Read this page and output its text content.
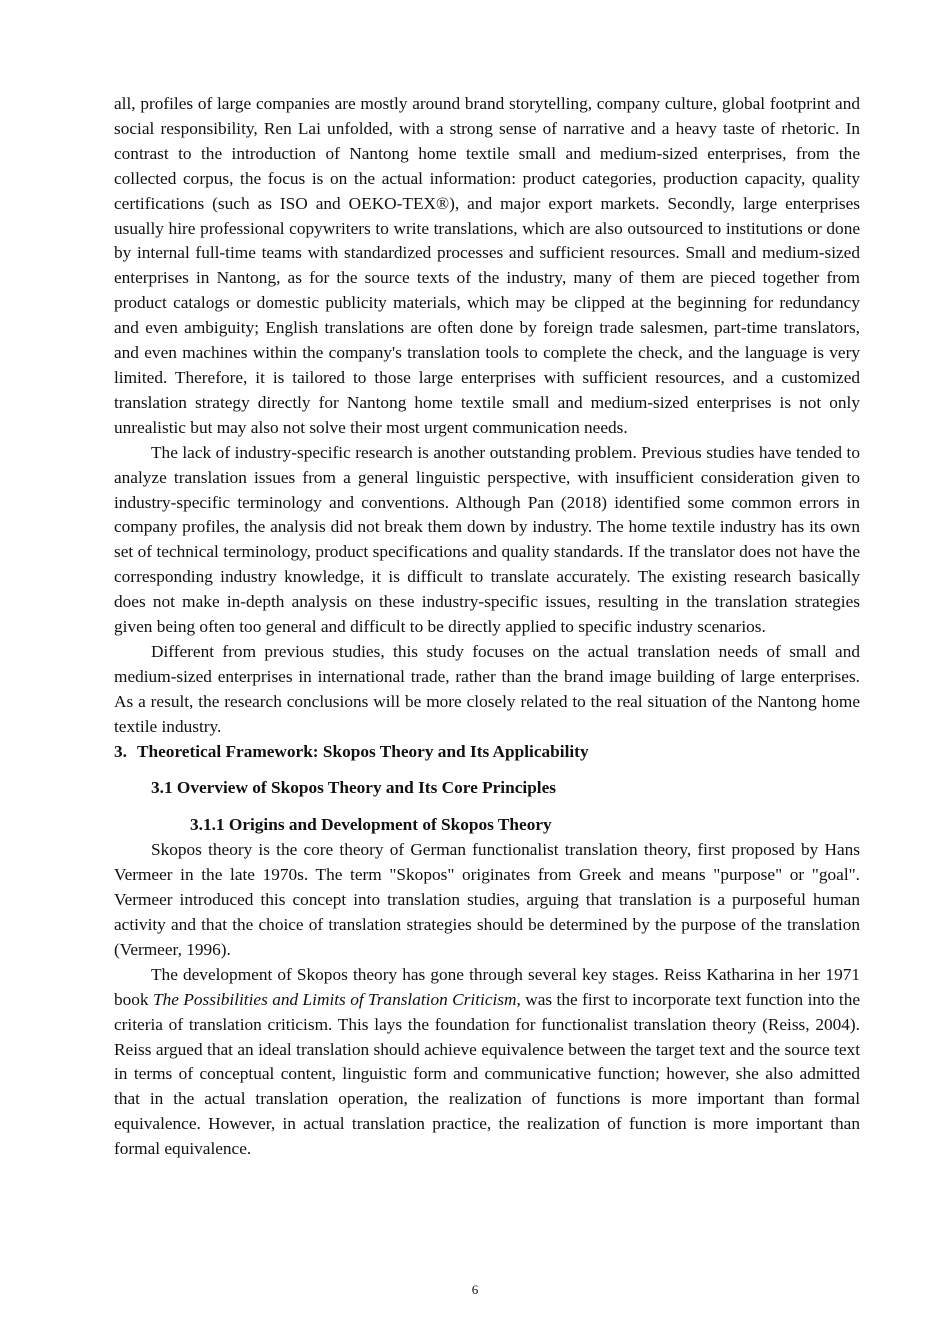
all, profiles of large companies are mostly around brand storytelling, company culture, global footprint and social responsibility, Ren Lai unfolded, with a strong sense of narrative and a heavy taste of rhetoric. In contrast to the introduction of Nantong home textile small and medium-sized enterprises, from the collected corpus, the focus is on the actual information: product categories, production capacity, quality certifications (such as ISO and OEKO-TEX®), and major export markets. Secondly, large enterprises usually hire professional copywriters to write translations, which are also outsourced to institutions or done by internal full-time teams with standardized processes and sufficient resources. Small and medium-sized enterprises in Nantong, as for the source texts of the industry, many of them are pieced together from product catalogs or domestic publicity materials, which may be clipped at the beginning for redundancy and even ambiguity; English translations are often done by foreign trade salesmen, part-time translators, and even machines within the company's translation tools to complete the check, and the language is very limited. Therefore, it is tailored to those large enterprises with sufficient resources, and a customized translation strategy directly for Nantong home textile small and medium-sized enterprises is not only unrealistic but may also not solve their most urgent communication needs.

The lack of industry-specific research is another outstanding problem. Previous studies have tended to analyze translation issues from a general linguistic perspective, with insufficient consideration given to industry-specific terminology and conventions. Although Pan (2018) identified some common errors in company profiles, the analysis did not break them down by industry. The home textile industry has its own set of technical terminology, product specifications and quality standards. If the translator does not have the corresponding industry knowledge, it is difficult to translate accurately. The existing research basically does not make in-depth analysis on these industry-specific issues, resulting in the translation strategies given being often too general and difficult to be directly applied to specific industry scenarios.

Different from previous studies, this study focuses on the actual translation needs of small and medium-sized enterprises in international trade, rather than the brand image building of large enterprises. As a result, the research conclusions will be more closely related to the real situation of the Nantong home textile industry.

3. Theoretical Framework: Skopos Theory and Its Applicability
3.1 Overview of Skopos Theory and Its Core Principles
3.1.1 Origins and Development of Skopos Theory

Skopos theory is the core theory of German functionalist translation theory, first proposed by Hans Vermeer in the late 1970s. The term "Skopos" originates from Greek and means "purpose" or "goal". Vermeer introduced this concept into translation studies, arguing that translation is a purposeful human activity and that the choice of translation strategies should be determined by the purpose of the translation (Vermeer, 1996).

The development of Skopos theory has gone through several key stages. Reiss Katharina in her 1971 book The Possibilities and Limits of Translation Criticism, was the first to incorporate text function into the criteria of translation criticism. This lays the foundation for functionalist translation theory (Reiss, 2004). Reiss argued that an ideal translation should achieve equivalence between the target text and the source text in terms of conceptual content, linguistic form and communicative function; however, she also admitted that in the actual translation operation, the realization of functions is more important than formal equivalence. However, in actual translation practice, the realization of function is more important than formal equivalence.

6
